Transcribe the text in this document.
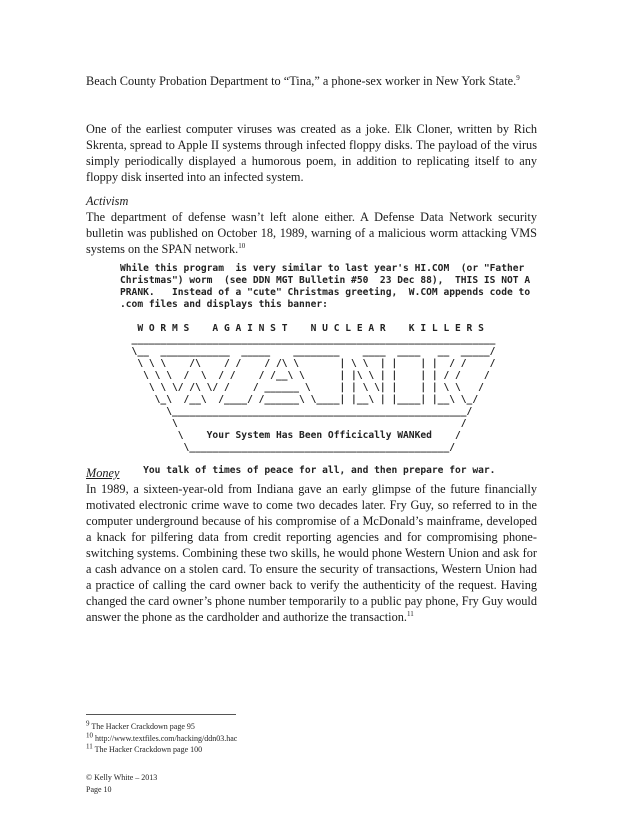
Beach County Probation Department to “Tina,” a phone-sex worker in New York State.$^9$

One of the earliest computer viruses was created as a joke. Elk Cloner, written by Rich Skrenta, spread to Apple II systems through infected floppy disks. The payload of the virus simply periodically displayed a humorous poem, in addition to replicating itself to any floppy disk inserted into an infected system.

Activism

The department of defense wasn’t left alone either. A Defense Data Network security bulletin was published on October 18, 1989, warning of a malicious worm attacking VMS systems on the SPAN network.$^{10}$

While this program  is very similar to last year's HI.COM  (or "Father
Christmas") worm  (see DDN MGT Bulletin #50  23 Dec 88),  THIS IS NOT A
PRANK.   Instead of a "cute" Christmas greeting,  W.COM appends code to
.com files and displays this banner:

W O R M S    A G A I N S T    N U C L E A R    K I L L E R S
_______________________________________________________________
\__  ____________  _____    ________    ____  ____   __  _____/
\ \ \    /\    / /    / /\ \       | \ \  | |    | |  / /    /
\ \ \  /  \  / /    / /__\ \      | |\ \ | |    | | / /    /
\ \ \/ /\ \/ /    / ______ \     | | \ \| |    | | \ \   /
\_\  /__\  /____/ /______\ \____| |__\ | |____| |__\ \_/
\___________________________________________________/
\                                                 /
\    Your System Has Been Officically WANKed    /
\_____________________________________________/

You talk of times of peace for all, and then prepare for war.

Money

In 1989, a sixteen-year-old from Indiana gave an early glimpse of the future financially motivated electronic crime wave to come two decades later. Fry Guy, so referred to in the computer underground because of his compromise of a McDonald’s mainframe, developed a knack for pilfering data from credit reporting agencies and for compromising phone-switching systems. Combining these two skills, he would phone Western Union and ask for a cash advance on a stolen card. To ensure the security of transactions, Western Union had a practice of calling the card owner back to verify the authenticity of the request. Having changed the card owner’s phone number temporarily to a public pay phone, Fry Guy would answer the phone as the cardholder and authorize the transaction.$^{11}$

$^9$ The Hacker Crackdown page 95
$^{10}$ http://www.textfiles.com/hacking/ddn03.hac
$^{11}$ The Hacker Crackdown page 100
© Kelly White – 2013
Page 10
